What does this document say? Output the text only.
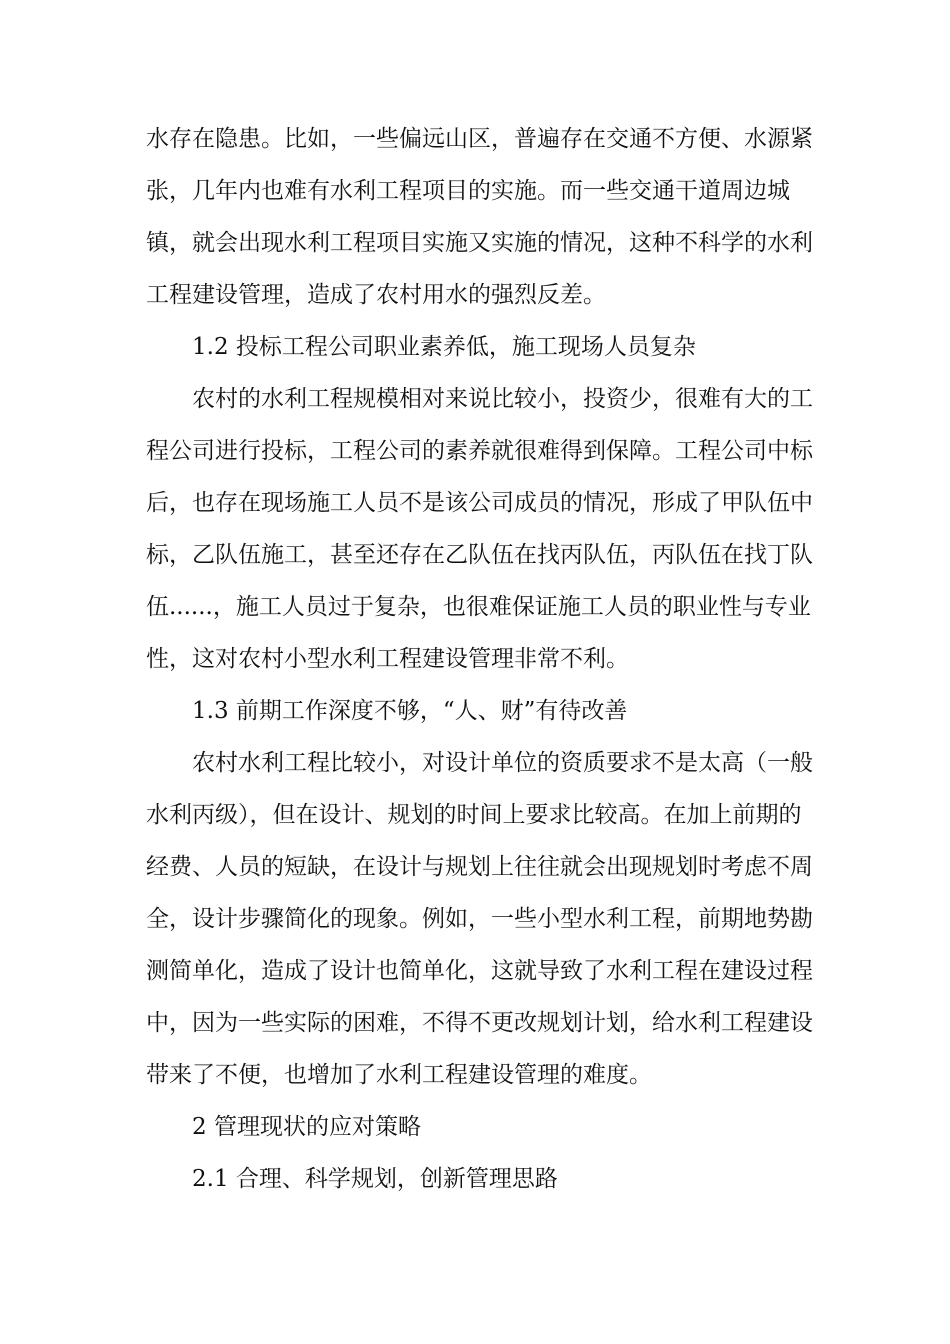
水存在隐患。比如，一些偏远山区，普遍存在交通不方便、水源紧
张，几年内也难有水利工程项目的实施。而一些交通干道周边城
镇，就会出现水利工程项目实施又实施的情况，这种不科学的水利
工程建设管理，造成了农村用水的强烈反差。
1.2 投标工程公司职业素养低，施工现场人员复杂
农村的水利工程规模相对来说比较小，投资少，很难有大的工
程公司进行投标，工程公司的素养就很难得到保障。工程公司中标
后，也存在现场施工人员不是该公司成员的情况，形成了甲队伍中
标，乙队伍施工，甚至还存在乙队伍在找丙队伍，丙队伍在找丁队
伍......，施工人员过于复杂，也很难保证施工人员的职业性与专业
性，这对农村小型水利工程建设管理非常不利。
1.3 前期工作深度不够，“人、财”有待改善
农村水利工程比较小，对设计单位的资质要求不是太高（一般
水利丙级），但在设计、规划的时间上要求比较高。在加上前期的
经费、人员的短缺，在设计与规划上往往就会出现规划时考虑不周
全，设计步骤简化的现象。例如，一些小型水利工程，前期地势勘
测简单化，造成了设计也简单化，这就导致了水利工程在建设过程
中，因为一些实际的困难，不得不更改规划计划，给水利工程建设
带来了不便，也增加了水利工程建设管理的难度。
2 管理现状的应对策略
2.1 合理、科学规划，创新管理思路
